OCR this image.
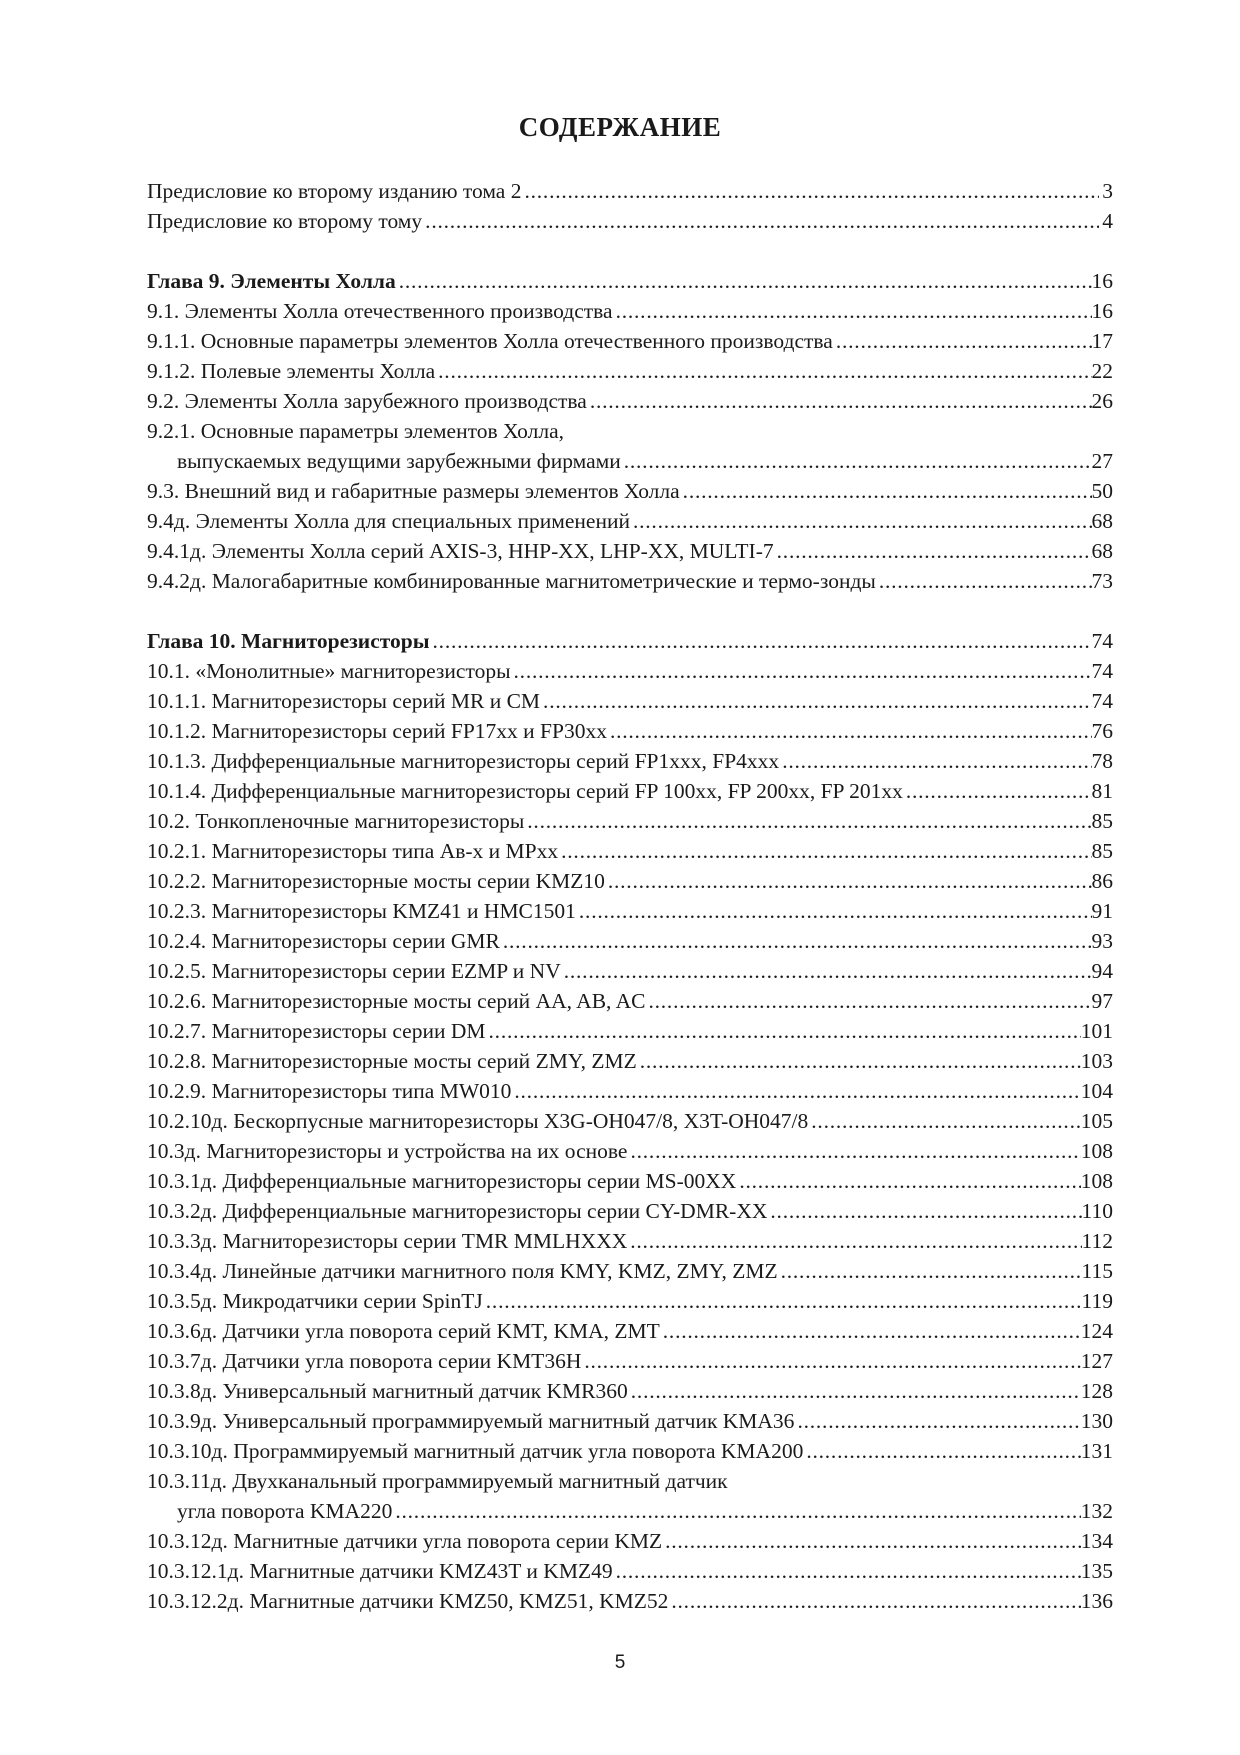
СОДЕРЖАНИЕ
Предисловие ко второму изданию тома 2 . . .	3
Предисловие ко второму тому . . .	4
Глава 9. Элементы Холла . . .	16
9.1. Элементы Холла отечественного производства . . .	16
9.1.1. Основные параметры элементов Холла отечественного производства . . .	17
9.1.2. Полевые элементы Холла . . .	22
9.2. Элементы Холла зарубежного производства . . .	26
9.2.1. Основные параметры элементов Холла,
выпускаемых ведущими зарубежными фирмами . . .	27
9.3. Внешний вид и габаритные размеры элементов Холла . . .	50
9.4д. Элементы Холла для специальных применений . . .	68
9.4.1д. Элементы Холла серий AXIS-3, HHP-XX, LHP-XX, MULTI-7 . . .	68
9.4.2д. Малогабаритные комбинированные магнитометрические и термо-зонды . . .	73
Глава 10. Магниторезисторы . . .	74
10.1. «Монолитные» магниторезисторы . . .	74
10.1.1. Магниторезисторы серий MR и CM . . .	74
10.1.2. Магниторезисторы серий FP17xx и FP30xx . . .	76
10.1.3. Дифференциальные магниторезисторы серий FP1xxx, FP4xxx . . .	78
10.1.4. Дифференциальные магниторезисторы серий FP 100xx, FP 200xx, FP 201xx . . .	81
10.2. Тонкопленочные магниторезисторы . . .	85
10.2.1. Магниторезисторы типа Ав-х и MPxx . . .	85
10.2.2. Магниторезисторные мосты серии KMZ10 . . .	86
10.2.3. Магниторезисторы KMZ41 и HMC1501 . . .	91
10.2.4. Магниторезисторы серии GMR . . .	93
10.2.5. Магниторезисторы серии EZMP и NV . . .	94
10.2.6. Магниторезисторные мосты серий AA, AB, AC . . .	97
10.2.7. Магниторезисторы серии DM . . .	101
10.2.8. Магниторезисторные мосты серий ZMY, ZMZ . . .	103
10.2.9. Магниторезисторы типа MW010 . . .	104
10.2.10д. Бескорпусные магниторезисторы X3G-OH047/8, X3T-OH047/8 . . .	105
10.3д. Магниторезисторы и устройства на их основе . . .	108
10.3.1д. Дифференциальные магниторезисторы серии MS-00XX . . .	108
10.3.2д. Дифференциальные магниторезисторы серии CY-DMR-XX . . .	110
10.3.3д. Магниторезисторы серии TMR MMLHXXX . . .	112
10.3.4д. Линейные датчики магнитного поля KMY, KMZ, ZMY, ZMZ . . .	115
10.3.5д. Микродатчики серии SpinTJ . . .	119
10.3.6д. Датчики угла поворота серий KMT, KMA, ZMT . . .	124
10.3.7д. Датчики угла поворота серии KMT36H . . .	127
10.3.8д. Универсальный магнитный датчик KMR360 . . .	128
10.3.9д. Универсальный программируемый магнитный датчик KMA36 . . .	130
10.3.10д. Программируемый магнитный датчик угла поворота KMA200 . . .	131
10.3.11д. Двухканальный программируемый магнитный датчик
угла поворота KMA220 . . .	132
10.3.12д. Магнитные датчики угла поворота серии KMZ . . .	134
10.3.12.1д. Магнитные датчики KMZ43T и KMZ49 . . .	135
10.3.12.2д. Магнитные датчики KMZ50, KMZ51, KMZ52 . . .	136
5
